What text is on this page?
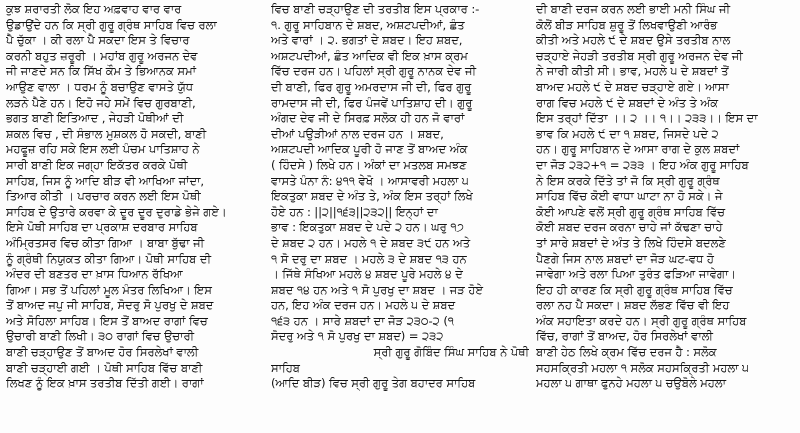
ਕੁਝ ਸ਼ਰਾਰਤੀ ਲੋਕ ਇਹ ਅਫ਼ਵਾਹ ਵਾਰ ਵਾਰ
ਉਡਾਉਂਦੇ ਹਨ ਕਿ ਸ੍ਰੀ ਗੁਰੂ ਗ੍ਰੰਥ ਸਾਹਿਬ ਵਿਚ ਰਲਾ
ਪੈ ਚੁੱਕਾ । ਕੀ ਰਲਾ ਪੈ ਸਕਦਾ ਇਸ ਤੇ ਵਿਚਾਰ
ਕਰਨੀ ਬਹੁਤ ਜ਼ਰੂਰੀ । ਮਹਾਂਬ ਗੁਰੂ ਅਰਜਨ ਦੇਵ
ਜੀ ਜਾਣਦੇ ਸਨ ਕਿ ਸਿੱਖ ਕੌਮ ਤੇ ਭਿਆਨਕ ਸਮਾਂ
ਆਉਣ ਵਾਲਾ । ਧਰਮ ਨੂੰ ਬਚਾਉਣ ਵਾਸਤੇ ਯੁੱਧ
ਲੜਨੇ ਪੈਣੇ ਹਨ। ਇਹੋ ਜਹੇ ਸਮੇਂ ਵਿਚ ਗੁਰਬਾਣੀ,
ਭਗਤ ਬਾਣੀ ਇਤਿਆਦ , ਜੇਹੜੀ ਪੋਥੀਆਂ ਦੀ
ਸ਼ਕਲ ਵਿਚ , ਦੀ ਸੰਭਾਲ ਮੁਸ਼ਕਲ ਹੋ ਸਕਦੀ, ਬਾਣੀ
ਮਹਫੂਜ਼ ਰਹਿ ਸਕੇ ਇਸ ਲਈ ਪੰਚਮ ਪਾਤਿਸ਼ਾਹ ਨੇ
ਸਾਰੀ ਬਾਣੀ ਇਕ ਜਗ੍ਹਾ ਇਕੱਤਰ ਕਰਕੇ ਪੋਥੀ
ਸਾਹਿਬ, ਜਿਸ ਨੂੰ ਆਦਿ ਬੀੜ ਵੀ ਆਖਿਆ ਜਾਂਦਾ,
ਤਿਆਰ ਕੀਤੀ । ਪਰਚਾਰ ਕਰਨ ਲਈ ਇਸ ਪੋਥੀ
ਸਾਹਿਬ ਦੇ ਉਤਾਰੇ ਕਰਵਾ ਕੇ ਦੂਰ ਦੂਰ ਦੁਰਾਡੇ ਭੇਜੇ ਗਏ।
ਇਸੇ ਪੋਥੀ ਸਾਹਿਬ ਦਾ ਪ੍ਰਕਾਸ਼ ਦਰਬਾਰ ਸਾਹਿਬ
ਅੰਮ੍ਰਿਤਸਰ ਵਿਚ ਕੀਤਾ ਗਿਆ । ਬਾਬਾ ਬੁੱਢਾ ਜੀ
ਨੂੰ ਗ੍ਰੰਥੀ ਨਿਯੁਕਤ ਕੀਤਾ ਗਿਆ। ਪੋਥੀ ਸਾਹਿਬ ਦੀ
ਅੰਦਰ ਦੀ ਬਣਤਰ ਦਾ ਖ਼ਾਸ ਧਿਆਨ ਰੱਖਿਆ
ਗਿਆ। ਸਭ ਤੋਂ ਪਹਿਲਾਂ ਮੂਲ ਮੰਤਰ ਲਿਖਿਆ। ਇਸ
ਤੋਂ ਬਾਅਦ ਜਪੁ ਜੀ ਸਾਹਿਬ, ਸੋਦਰੁ ਸੋ ਪੁਰਖੁ ਦੇ ਸ਼ਬਦ
ਅਤੇ ਸੋਹਿਲਾ ਸਾਹਿਬ। ਇਸ ਤੋਂ ਬਾਅਦ ਰਾਗਾਂ ਵਿਚ
ਉਚਾਰੀ ਬਾਣੀ ਲਿਖੀ। ੩੦ ਰਾਗਾਂ ਵਿਚ ਉਚਾਰੀ
ਬਾਣੀ ਚੜ੍ਹਾਉਣ ਤੋਂ ਬਾਅਦ ਹੋਰ ਸਿਰਲੇਖਾਂ ਵਾਲੀ
ਬਾਣੀ ਚੜ੍ਹਾਈ ਗਈ । ਪੋਥੀ ਸਾਹਿਬ ਵਿੱਚ ਬਾਣੀ
ਲਿਖਣ ਨੂੰ ਇਕ ਖ਼ਾਸ ਤਰਤੀਬ ਦਿੱਤੀ ਗਈ। ਰਾਗਾਂ
ਵਿਚ ਬਾਣੀ ਚੜ੍ਹਾਉਣ ਦੀ ਤਰਤੀਬ ਇਸ ਪ੍ਰਕਾਰ :-
੧. ਗੁਰੂ ਸਾਹਿਬਾਨ ਦੇ ਸ਼ਬਦ, ਅਸ਼ਟਪਦੀਆਂ, ਛੰਤ
ਅਤੇ ਵਾਰਾਂ । ੨. ਭਗਤਾਂ ਦੇ ਸ਼ਬਦ। ਇਹ ਸ਼ਬਦ,
ਅਸ਼ਟਪਦੀਆਂ, ਛੰਤ ਆਦਿਕ ਵੀ ਇਕ ਖ਼ਾਸ ਕ੍ਰਮ
ਵਿੱਚ ਦਰਜ ਹਨ। ਪਹਿਲਾਂ ਸ੍ਰੀ ਗੁਰੂ ਨਾਨਕ ਦੇਵ ਜੀ
ਦੀ ਬਾਣੀ, ਫਿਰ ਗੁਰੂ ਅਮਰਦਾਸ ਜੀ ਦੀ, ਫਿਰ ਗੁਰੂ
ਰਾਮਦਾਸ ਜੀ ਦੀ, ਫਿਰ ਪੰਜਵੇਂ ਪਾਤਿਸ਼ਾਹ ਦੀ। ਗੁਰੂ
ਅੰਗਦ ਦੇਵ ਜੀ ਦੇ ਸਿਰਫ਼ ਸਲੋਕ ਹੀ ਹਨ ਜੋ ਵਾਰਾਂ
ਦੀਆਂ ਪਉੜੀਆਂ ਨਾਲ ਦਰਜ ਹਨ । ਸ਼ਬਦ,
ਅਸ਼ਟਪਦੀ ਆਦਿਕ ਪੂਰੀ ਹੋ ਜਾਣ ਤੋਂ ਬਾਅਦ ਅੰਕ
( ਹਿੰਦਸੇ ) ਲਿਖੇ ਹਨ। ਅੰਕਾਂ ਦਾ ਮਤਲਬ ਸਮਝਣ
ਵਾਸਤੇ ਪੰਨਾ ਨੰ: ੪੧੧ ਵੇਖੋ । ਆਸਾਵਰੀ ਮਹਲਾ ੫
ਇਕਤੁਕਾ ਸ਼ਬਦ ਦੇ ਅੰਤ ਤੇ, ਅੰਕ ਇਸ ਤਰ੍ਹਾਂ ਲਿਖੇ
ਹੋਏ ਹਨ : ||੨||੧੬੩||੨੩੨|| ਇਨ੍ਹਾਂ ਦਾ
ਭਾਵ : ਇਕਤੁਕਾ ਸ਼ਬਦ ਦੇ ਪਦੇ ੨ ਹਨ। ਘਰੁ ੧੭
ਦੇ ਸ਼ਬਦ ੨ ਹਨ। ਮਹਲੇ ੧ ਦੇ ਸ਼ਬਦ ੩੯ ਹਨ ਅਤੇ
੧ ਸੋ ਦਰੁ ਦਾ ਸ਼ਬਦ । ਮਹਲੇ ੩ ਦੇ ਸ਼ਬਦ ੧੩ ਹਨ
। ਜਿੱਥੇ ਸੰਖਿਆ ਮਹਲੇ ੪ ਸ਼ਬਦ ਪੂਰੇ ਮਹਲੇ ੪ ਦੇ
ਸ਼ਬਦ ੧੪ ਹਨ ਅਤੇ ੧ ਸੋ ਪੁਰਖੁ ਦਾ ਸ਼ਬਦ । ਜੜ ਹੋਏ
ਹਨ, ਇਹ ਅੰਕ ਦਰਜ ਹਨ। ਮਹਲੇ ੫ ਦੇ ਸ਼ਬਦ
੧੬੩ ਹਨ । ਸਾਰੇ ਸ਼ਬਦਾਂ ਦਾ ਜੋੜ ੨੩੦-੨ (੧
ਸੋਦਰੁ ਅਤੇ ੧ ਸੋ ਪੁਰਖੁ ਦਾ ਸ਼ਬਦ) = ੨੩੨
ਸ੍ਰੀ ਗੁਰੂ ਗੋਬਿੰਦ ਸਿੰਘ ਸਾਹਿਬ ਨੇ ਪੋਥੀ
ਸਾਹਿਬ
(ਆਦਿ ਬੀੜ) ਵਿਚ ਸ੍ਰੀ ਗੁਰੂ ਤੇਗ ਬਹਾਦਰ ਸਾਹਿਬ
ਦੀ ਬਾਣੀ ਦਰਜ ਕਰਨ ਲਈ ਭਾਈ ਮਨੀ ਸਿੰਘ ਜੀ
ਕੋਲੋਂ ਬੀੜ ਸਾਹਿਬ ਸ਼ੁਰੂ ਤੋਂ ਲਿਖਵਾਉਣੀ ਆਰੰਭ
ਕੀਤੀ ਅਤੇ ਮਹਲੇ ੯ ਦੇ ਸ਼ਬਦ ਉਸੇ ਤਰਤੀਬ ਨਾਲ
ਚੜ੍ਹਾਏ ਜੇਹੜੀ ਤਰਤੀਬ ਸ੍ਰੀ ਗੁਰੂ ਅਰਜਨ ਦੇਵ ਜੀ
ਨੇ ਜਾਰੀ ਕੀਤੀ ਸੀ। ਭਾਵ, ਮਹਲੇ ੫ ਦੇ ਸ਼ਬਦਾਂ ਤੋਂ
ਬਾਅਦ ਮਹਲੇ ੯ ਦੇ ਸ਼ਬਦ ਚੜ੍ਹਾਏ ਗਏ। ਆਸਾ
ਰਾਗ ਵਿਚ ਮਹਲੇ ੯ ਦੇ ਸ਼ਬਦਾਂ ਦੇ ਅੰਤ ਤੇ ਅੰਕ
ਇਸ ਤਰ੍ਹਾਂ ਦਿੱਤਾ ।। ੨ ।। ੧।। ੨੩੩।। ਇਸ ਦਾ
ਭਾਵ ਕਿ ਮਹਲੇ ੯ ਦਾ ੧ ਸ਼ਬਦ, ਜਿਸਦੇ ਪਦੇ ੨
ਹਨ। ਗੁਰੂ ਸਾਹਿਬਾਨ ਦੇ ਆਸਾ ਰਾਗ ਦੇ ਕੁਲ ਸ਼ਬਦਾਂ
ਦਾ ਜੋੜ ੨੩੨+੧ = ੨੩੩ । ਇਹ ਅੰਕ ਗੁਰੂ ਸਾਹਿਬ
ਨੇ ਇਸ ਕਰਕੇ ਦਿੱਤੇ ਤਾਂ ਜੋ ਕਿ ਸ੍ਰੀ ਗੁਰੂ ਗ੍ਰੰਥ
ਸਾਹਿਬ ਵਿੱਚ ਕੋਈ ਵਾਧਾ ਘਾਟਾ ਨਾ ਹੋ ਸਕੇ। ਜੇ
ਕੋਈ ਆਪਣੇ ਵਲੋਂ ਸ੍ਰੀ ਗੁਰੂ ਗ੍ਰੰਥ ਸਾਹਿਬ ਵਿੱਚ
ਕੋਈ ਸ਼ਬਦ ਦਰਜ ਕਰਨਾ ਚਾਹੇ ਜਾਂ ਕੱਢਣਾ ਚਾਹੇ
ਤਾਂ ਸਾਰੇ ਸ਼ਬਦਾਂ ਦੇ ਅੰਤ ਤੇ ਲਿਖੇ ਹਿੰਦਸੇ ਬਦਲਣੇ
ਪੈਣਗੇ ਜਿਸ ਨਾਲ ਸ਼ਬਦਾਂ ਦਾ ਜੋੜ ਘਟ-ਵਧ ਹੋ
ਜਾਵੇਗਾ ਅਤੇ ਰਲਾ ਪਿਆ ਤੁਰੰਤ ਫੜਿਆ ਜਾਵੇਗਾ।
ਇਹ ਹੀ ਕਾਰਣ ਕਿ ਸ੍ਰੀ ਗੁਰੂ ਗ੍ਰੰਥ ਸਾਹਿਬ ਵਿੱਚ
ਰਲਾ ਨਹ ਪੈ ਸਕਦਾ। ਸ਼ਬਦ ਲੱਭਣ ਵਿੱਚ ਵੀ ਇਹ
ਅੰਕ ਸਹਾਇਤਾ ਕਰਦੇ ਹਨ। ਸ੍ਰੀ ਗੁਰੂ ਗ੍ਰੰਥ ਸਾਹਿਬ
ਵਿੱਚ, ਰਾਗਾਂ ਤੋਂ ਬਾਅਦ, ਹੋਰ ਸਿਰਲੇਖਾਂ ਵਾਲੀ
ਬਾਣੀ ਹੇਠ ਲਿਖੇ ਕ੍ਰਮ ਵਿੱਚ ਦਰਜ ਹੈ : ਸਲੋਕ
ਸਹਸਕ੍ਰਿਤੀ ਮਹਲਾ ੧ ਸਲੋਕ ਸਹਸਕ੍ਰਿਤੀ ਮਹਲਾ ੫
ਮਹਲਾ ੫ ਗਾਥਾ ਫੁਨਹੇ ਮਹਲਾ ੫ ਚਉਬੋਲੇ ਮਹਲਾ
